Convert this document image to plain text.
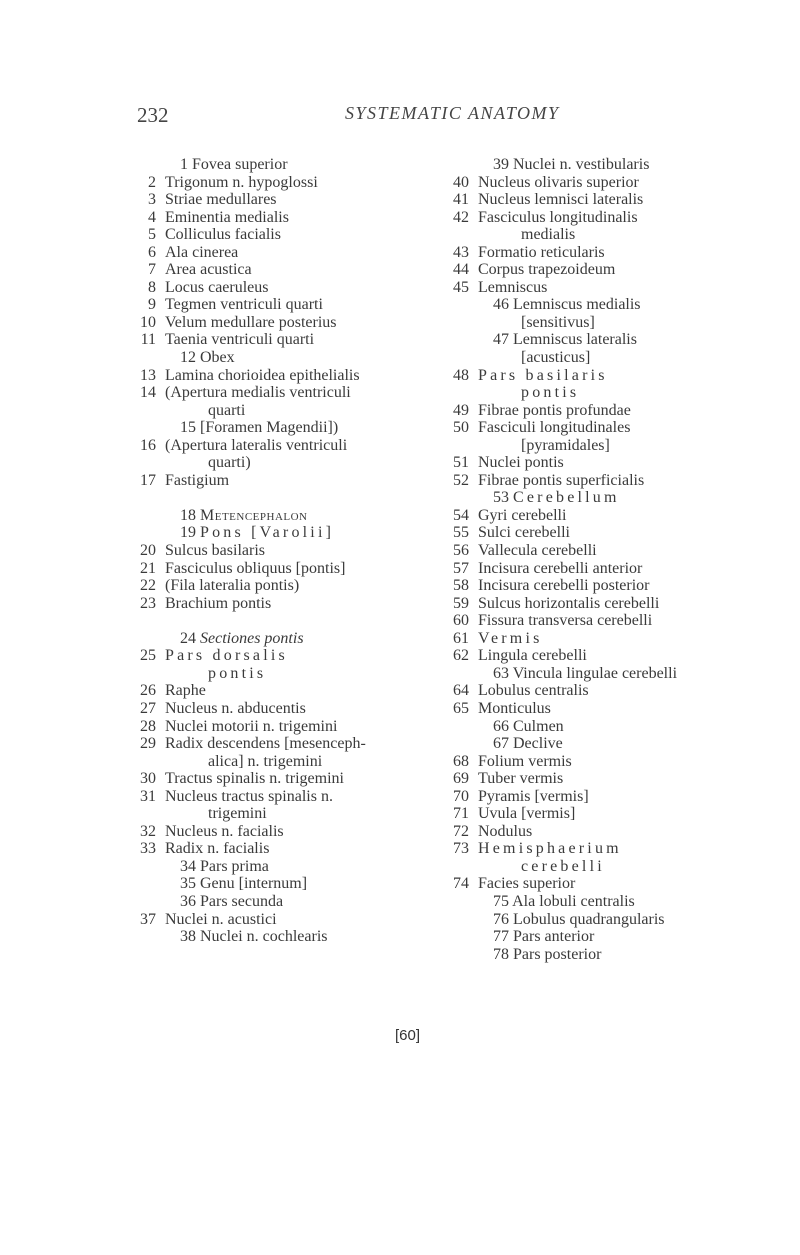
232	SYSTEMATIC ANATOMY
1 Fovea superior
2 Trigonum n. hypoglossi
3 Striae medullares
4 Eminentia medialis
5 Colliculus facialis
6 Ala cinerea
7 Area acustica
8 Locus caeruleus
9 Tegmen ventriculi quarti
10 Velum medullare posterius
11 Taenia ventriculi quarti
12 Obex
13 Lamina chorioidea epithelialis
14 (Apertura medialis ventriculi
quarti
15 [Foramen Magendii])
16 (Apertura lateralis ventriculi
quarti)
17 Fastigium
18 Metencephalon
19 Pons [Varolii]
20 Sulcus basilaris
21 Fasciculus obliquus [pontis]
22 (Fila lateralia pontis)
23 Brachium pontis
24 Sectiones pontis
25 Pars dorsalis
pontis
26 Raphe
27 Nucleus n. abducentis
28 Nuclei motorii n. trigemini
29 Radix descendens [mesenceph-
alica] n. trigemini
30 Tractus spinalis n. trigemini
31 Nucleus tractus spinalis n.
trigemini
32 Nucleus n. facialis
33 Radix n. facialis
34 Pars prima
35 Genu [internum]
36 Pars secunda
37 Nuclei n. acustici
38 Nuclei n. cochlearis
39 Nuclei n. vestibularis
40 Nucleus olivaris superior
41 Nucleus lemnisci lateralis
42 Fasciculus longitudinalis
medialis
43 Formatio reticularis
44 Corpus trapezoideum
45 Lemniscus
46 Lemniscus medialis
[sensitivus]
47 Lemniscus lateralis
[acusticus]
48 Pars basilaris
pontis
49 Fibrae pontis profundae
50 Fasciculi longitudinales
[pyramidales]
51 Nuclei pontis
52 Fibrae pontis superficialis
53 Cerebellum
54 Gyri cerebelli
55 Sulci cerebelli
56 Vallecula cerebelli
57 Incisura cerebelli anterior
58 Incisura cerebelli posterior
59 Sulcus horizontalis cerebelli
60 Fissura transversa cerebelli
61 Vermis
62 Lingula cerebelli
63 Vincula lingulae cerebelli
64 Lobulus centralis
65 Monticulus
66 Culmen
67 Declive
68 Folium vermis
69 Tuber vermis
70 Pyramis [vermis]
71 Uvula [vermis]
72 Nodulus
73 Hemisphaerium
cerebelli
74 Facies superior
75 Ala lobuli centralis
76 Lobulus quadrangularis
77 Pars anterior
78 Pars posterior
[60]
